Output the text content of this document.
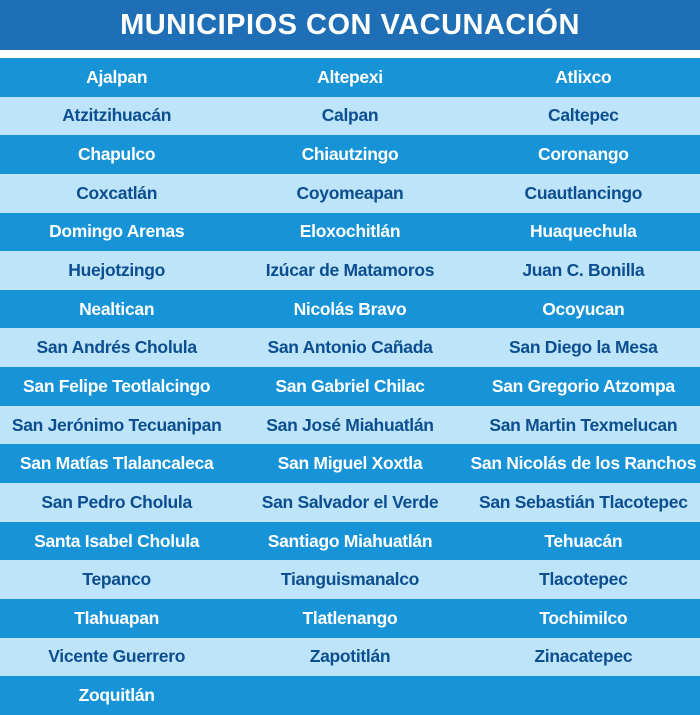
MUNICIPIOS CON VACUNACIÓN
Ajalpan	Altepexi	Atlixco
Atzitzihuacán	Calpan	Caltepec
Chapulco	Chiautzingo	Coronango
Coxcatlán	Coyomeapan	Cuautlancingo
Domingo Arenas	Eloxochitlán	Huaquechula
Huejotzingo	Izúcar de Matamoros	Juan C. Bonilla
Nealtican	Nicolás Bravo	Ocoyucan
San Andrés Cholula	San Antonio Cañada	San Diego la Mesa
San Felipe Teotlalcingo	San Gabriel Chilac	San Gregorio Atzompa
San Jerónimo Tecuanipan	San José Miahuatlán	San Martin Texmelucan
San Matías Tlalancaleca	San Miguel Xoxtla	San Nicolás de los Ranchos
San Pedro Cholula	San Salvador el Verde	San Sebastián Tlacotepec
Santa Isabel Cholula	Santiago Miahuatlán	Tehuacán
Tepanco	Tianguismanalco	Tlacotepec
Tlahuapan	Tlatlenango	Tochimilco
Vicente Guerrero	Zapotitlán	Zinacatepec
Zoquitlán
